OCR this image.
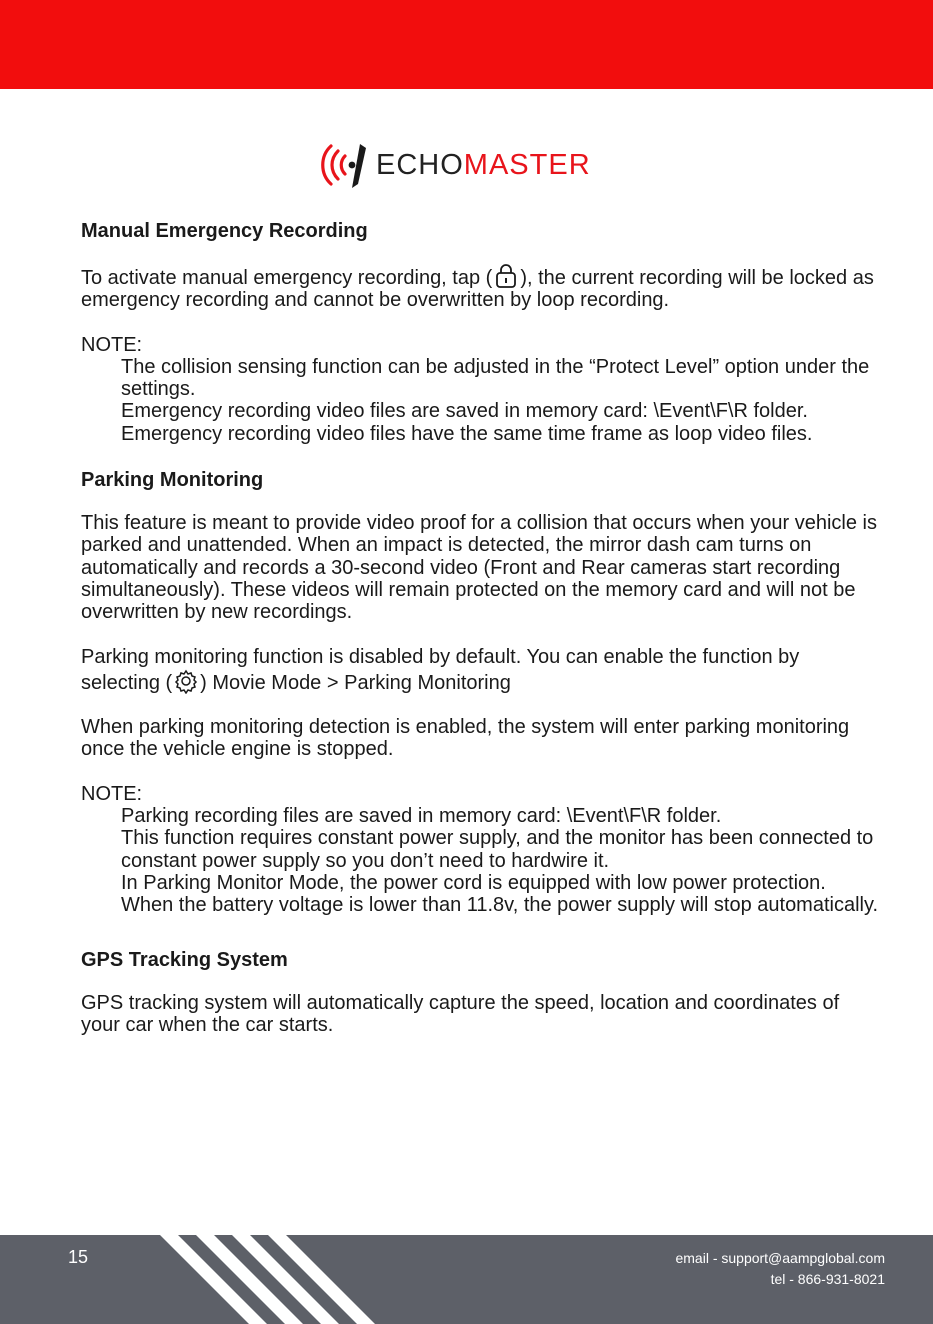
ECHOMASTER
Manual Emergency Recording

To activate manual emergency recording, tap ( ), the current recording will be locked as emergency recording and cannot be overwritten by loop recording.

NOTE:

The collision sensing function can be adjusted in the “Protect Level” option under the settings.

Emergency recording video files are saved in memory card: \Event\F\R folder.

Emergency recording video files have the same time frame as loop video files.

Parking Monitoring

This feature is meant to provide video proof for a collision that occurs when your vehicle is parked and unattended. When an impact is detected, the mirror dash cam turns on automatically and records a 30-second video (Front and Rear cameras start recording simultaneously). These videos will remain protected on the memory card and will not be overwritten by new recordings.

Parking monitoring function is disabled by default. You can enable the function by selecting ( ) Movie Mode > Parking Monitoring

When parking monitoring detection is enabled, the system will enter parking monitoring once the vehicle engine is stopped.

NOTE:

Parking recording files are saved in memory card: \Event\F\R folder.

This function requires constant power supply, and the monitor has been connected to constant power supply so you don’t need to hardwire it.

In Parking Monitor Mode, the power cord is equipped with low power protection. When the battery voltage is lower than 11.8v, the power supply will stop automatically.

GPS Tracking System

GPS tracking system will automatically capture the speed, location and coordinates of your car when the car starts.

15	email - support@aampglobal.com
tel - 866-931-8021
